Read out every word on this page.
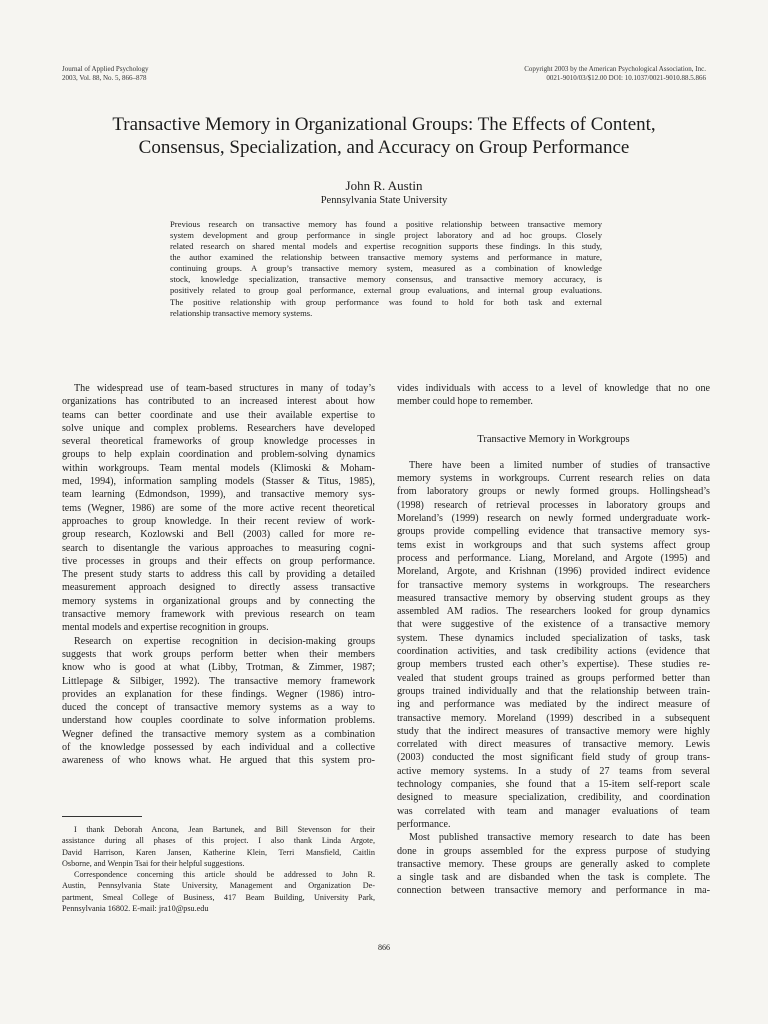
Journal of Applied Psychology
2003, Vol. 88, No. 5, 866–878
Copyright 2003 by the American Psychological Association, Inc.
0021-9010/03/$12.00 DOI: 10.1037/0021-9010.88.5.866
Transactive Memory in Organizational Groups: The Effects of Content,
Consensus, Specialization, and Accuracy on Group Performance
John R. Austin
Pennsylvania State University
Previous research on transactive memory has found a positive relationship between transactive memory
system development and group performance in single project laboratory and ad hoc groups. Closely
related research on shared mental models and expertise recognition supports these findings. In this study,
the author examined the relationship between transactive memory systems and performance in mature,
continuing groups. A group’s transactive memory system, measured as a combination of knowledge
stock, knowledge specialization, transactive memory consensus, and transactive memory accuracy, is
positively related to group goal performance, external group evaluations, and internal group evaluations.
The positive relationship with group performance was found to hold for both task and external
relationship transactive memory systems.
The widespread use of team-based structures in many of today’s
organizations has contributed to an increased interest about how
teams can better coordinate and use their available expertise to
solve unique and complex problems. Researchers have developed
several theoretical frameworks of group knowledge processes in
groups to help explain coordination and problem-solving dynamics
within workgroups. Team mental models (Klimoski & Moham-
med, 1994), information sampling models (Stasser & Titus, 1985),
team learning (Edmondson, 1999), and transactive memory sys-
tems (Wegner, 1986) are some of the more active recent theoretical
approaches to group knowledge. In their recent review of work-
group research, Kozlowski and Bell (2003) called for more re-
search to disentangle the various approaches to measuring cogni-
tive processes in groups and their effects on group performance.
The present study starts to address this call by providing a detailed
measurement approach designed to directly assess transactive
memory systems in organizational groups and by connecting the
transactive memory framework with previous research on team
mental models and expertise recognition in groups.
Research on expertise recognition in decision-making groups
suggests that work groups perform better when their members
know who is good at what (Libby, Trotman, & Zimmer, 1987;
Littlepage & Silbiger, 1992). The transactive memory framework
provides an explanation for these findings. Wegner (1986) intro-
duced the concept of transactive memory systems as a way to
understand how couples coordinate to solve information problems.
Wegner defined the transactive memory system as a combination
of the knowledge possessed by each individual and a collective
awareness of who knows what. He argued that this system pro-
I thank Deborah Ancona, Jean Bartunek, and Bill Stevenson for their
assistance during all phases of this project. I also thank Linda Argote,
David Harrison, Karen Jansen, Katherine Klein, Terri Mansfield, Caitlin
Osborne, and Wenpin Tsai for their helpful suggestions.
Correspondence concerning this article should be addressed to John R.
Austin, Pennsylvania State University, Management and Organization De-
partment, Smeal College of Business, 417 Beam Building, University Park,
Pennsylvania 16802. E-mail: jra10@psu.edu
vides individuals with access to a level of knowledge that no one
member could hope to remember.
Transactive Memory in Workgroups
There have been a limited number of studies of transactive
memory systems in workgroups. Current research relies on data
from laboratory groups or newly formed groups. Hollingshead’s
(1998) research of retrieval processes in laboratory groups and
Moreland’s (1999) research on newly formed undergraduate work-
groups provide compelling evidence that transactive memory sys-
tems exist in workgroups and that such systems affect group
process and performance. Liang, Moreland, and Argote (1995) and
Moreland, Argote, and Krishnan (1996) provided indirect evidence
for transactive memory systems in workgroups. The researchers
measured transactive memory by observing student groups as they
assembled AM radios. The researchers looked for group dynamics
that were suggestive of the existence of a transactive memory
system. These dynamics included specialization of tasks, task
coordination activities, and task credibility actions (evidence that
group members trusted each other’s expertise). These studies re-
vealed that student groups trained as groups performed better than
groups trained individually and that the relationship between train-
ing and performance was mediated by the indirect measure of
transactive memory. Moreland (1999) described in a subsequent
study that the indirect measures of transactive memory were highly
correlated with direct measures of transactive memory. Lewis
(2003) conducted the most significant field study of group trans-
active memory systems. In a study of 27 teams from several
technology companies, she found that a 15-item self-report scale
designed to measure specialization, credibility, and coordination
was correlated with team and manager evaluations of team
performance.
Most published transactive memory research to date has been
done in groups assembled for the express purpose of studying
transactive memory. These groups are generally asked to complete
a single task and are disbanded when the task is complete. The
connection between transactive memory and performance in ma-
866
